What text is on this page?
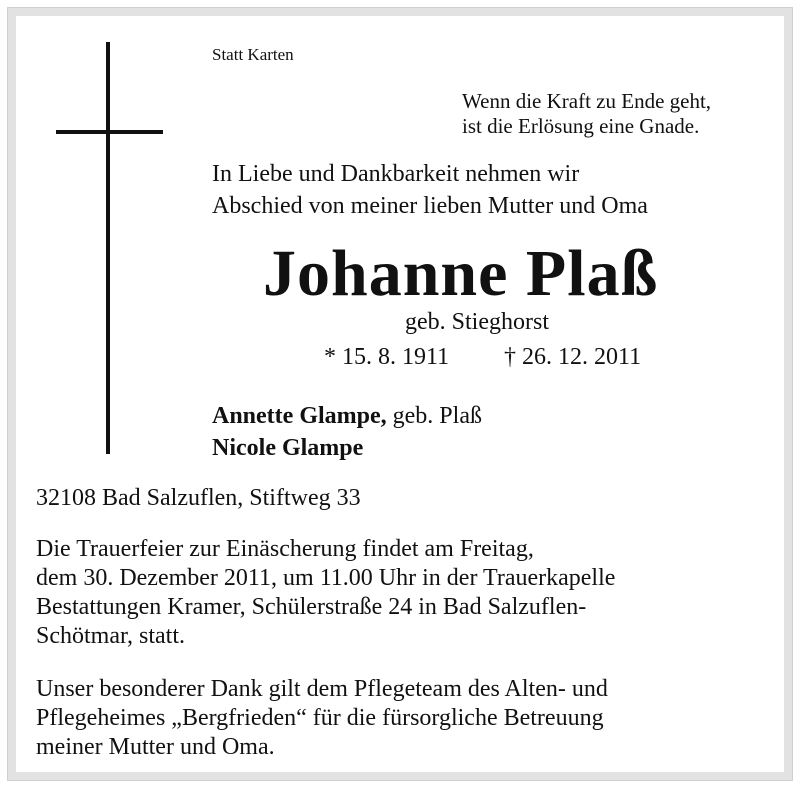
Statt Karten
Wenn die Kraft zu Ende geht,
ist die Erlösung eine Gnade.
In Liebe und Dankbarkeit nehmen wir
Abschied von meiner lieben Mutter und Oma
Johanne Plaß
geb. Stieghorst
* 15. 8. 1911 † 26. 12. 2011
Annette Glampe, geb. Plaß
Nicole Glampe
32108 Bad Salzuflen, Stiftweg 33
Die Trauerfeier zur Einäscherung findet am Freitag,
dem 30. Dezember 2011, um 11.00 Uhr in der Trauerkapelle
Bestattungen Kramer, Schülerstraße 24 in Bad Salzuflen-
Schötmar, statt.
Unser besonderer Dank gilt dem Pflegeteam des Alten- und
Pflegeheimes „Bergfrieden“ für die fürsorgliche Betreuung
meiner Mutter und Oma.
